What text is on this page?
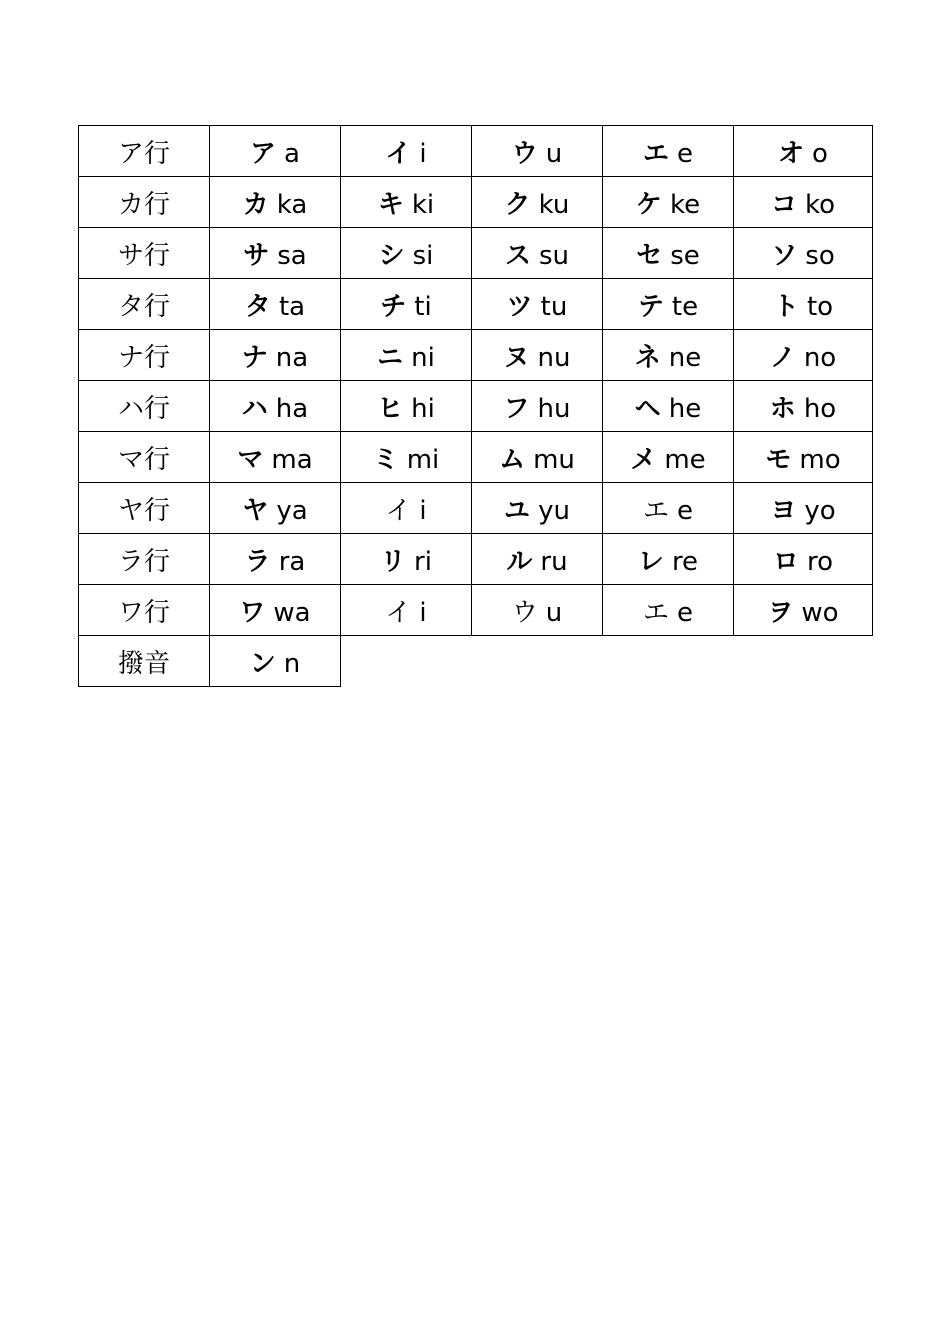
ア行	ア a	イ i	ウ u	エ e	オ o
カ行	カ ka	キ ki	ク ku	ケ ke	コ ko
サ行	サ sa	シ si	ス su	セ se	ソ so
タ行	タ ta	チ ti	ツ tu	テ te	ト to
ナ行	ナ na	ニ ni	ヌ nu	ネ ne	ノ no
ハ行	ハ ha	ヒ hi	フ hu	ヘ he	ホ ho
マ行	マ ma	ミ mi	ム mu	メ me	モ mo
ヤ行	ヤ ya	イ i	ユ yu	エ e	ヨ yo
ラ行	ラ ra	リ ri	ル ru	レ re	ロ ro
ワ行	ワ wa	イ i	ウ u	エ e	ヲ wo
撥音	ン n				
